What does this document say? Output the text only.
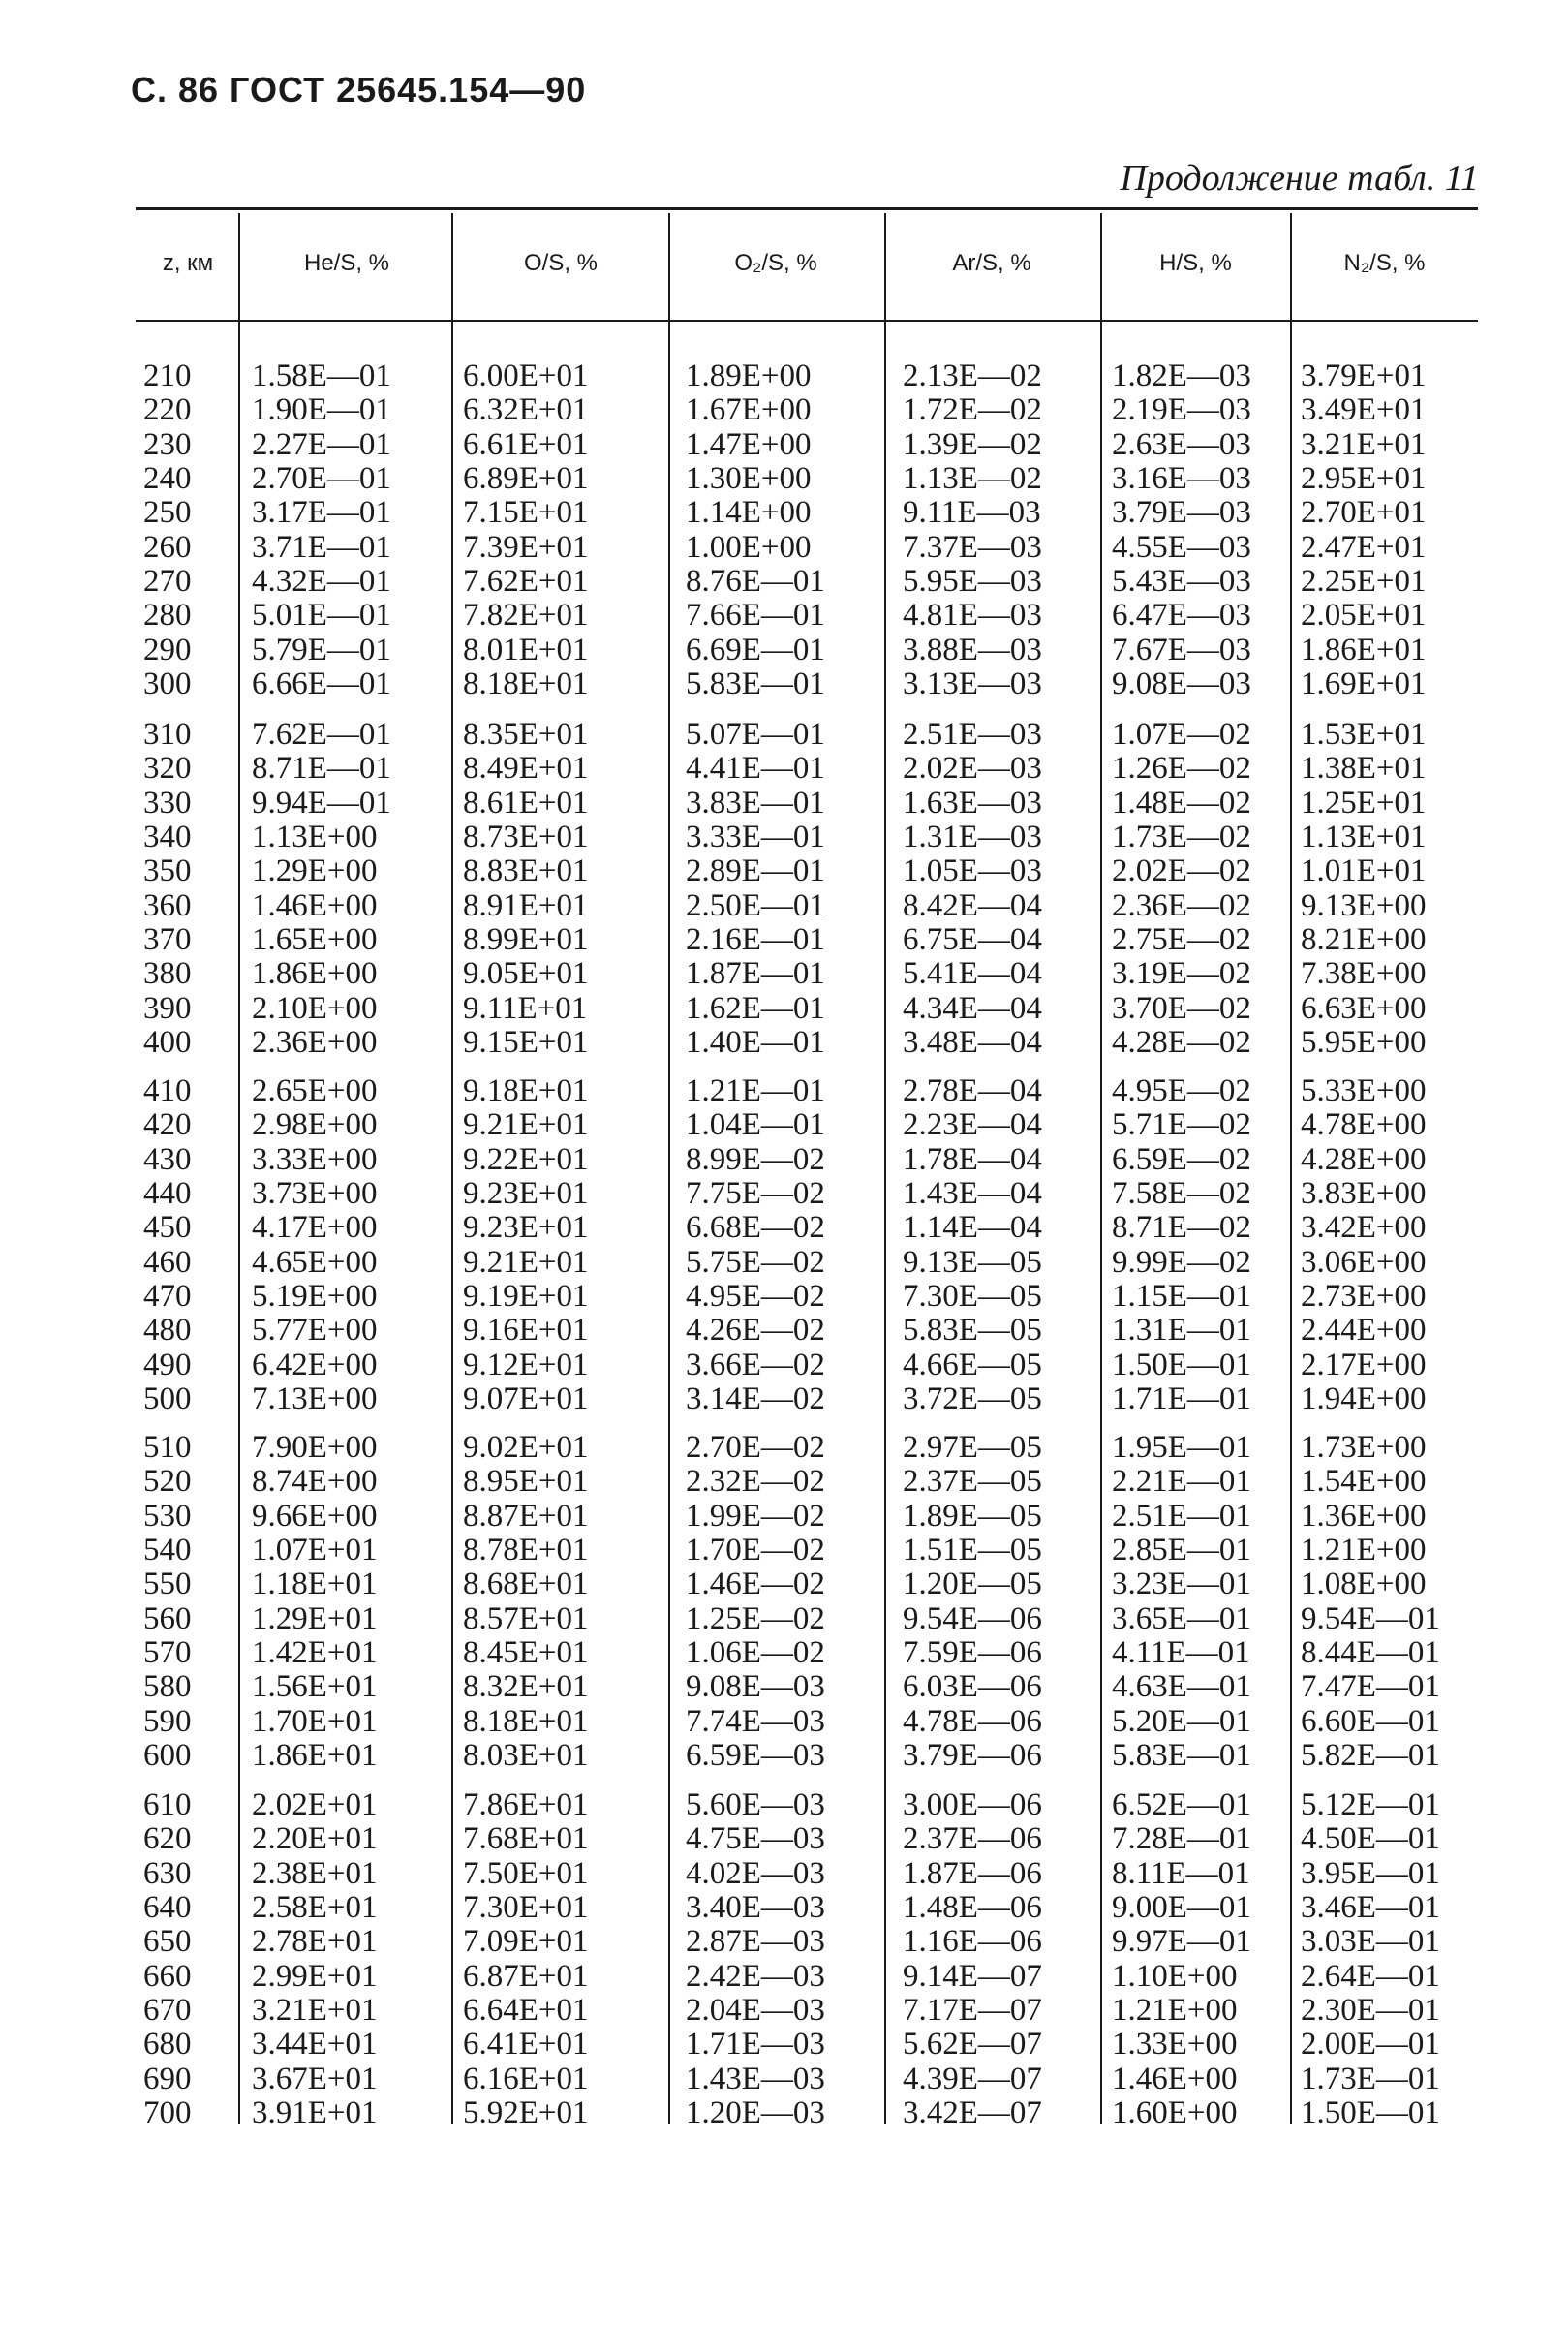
С. 86 ГОСТ 25645.154—90
Продолжение табл. 11
z, км	He/S, %	O/S, %	O₂/S, %	Ar/S, %	H/S, %	N₂/S, %
210 1.58E—01 6.00E+01	1.89E+00	2.13E—02 1.82E—03 3.79E+01
220 1.90E—01 6.32E+01	1.67E+00	1.72E—02 2.19E—03 3.49E+01
230 2.27E—01 6.61E+01	1.47E+00	1.39E—02 2.63E—03 3.21E+01
240 2.70E—01 6.89E+01	1.30E+00	1.13E—02 3.16E—03 2.95E+01
250 3.17E—01 7.15E+01	1.14E+00	9.11E—03 3.79E—03 2.70E+01
260 3.71E—01 7.39E+01	1.00E+00	7.37E—03 4.55E—03 2.47E+01
270 4.32E—01 7.62E+01	8.76E—01 5.95E—03 5.43E—03 2.25E+01
280 5.01E—01 7.82E+01	7.66E—01 4.81E—03 6.47E—03 2.05E+01
290 5.79E—01 8.01E+01	6.69E—01 3.88E—03 7.67E—03 1.86E+01
300 6.66E—01 8.18E+01	5.83E—01 3.13E—03 9.08E—03 1.69E+01
310 7.62E—01 8.35E+01	5.07E—01 2.51E—03 1.07E—02 1.53E+01
320 8.71E—01 8.49E+01	4.41E—01 2.02E—03 1.26E—02 1.38E+01
330 9.94E—01 8.61E+01	3.83E—01 1.63E—03 1.48E—02 1.25E+01
340 1.13E+00	8.73E+01	3.33E—01 1.31E—03 1.73E—02 1.13E+01
350 1.29E+00	8.83E+01	2.89E—01 1.05E—03 2.02E—02 1.01E+01
360 1.46E+00	8.91E+01	2.50E—01 8.42E—04 2.36E—02 9.13E+00
370 1.65E+00	8.99E+01	2.16E—01 6.75E—04 2.75E—02 8.21E+00
380 1.86E+00	9.05E+01	1.87E—01 5.41E—04 3.19E—02 7.38E+00
390 2.10E+00	9.11E+01	1.62E—01 4.34E—04 3.70E—02 6.63E+00
400 2.36E+00	9.15E+01	1.40E—01 3.48E—04 4.28E—02 5.95E+00
410 2.65E+00	9.18E+01	1.21E—01 2.78E—04 4.95E—02 5.33E+00
420 2.98E+00	9.21E+01	1.04E—01 2.23E—04 5.71E—02 4.78E+00
430 3.33E+00	9.22E+01	8.99E—02 1.78E—04 6.59E—02 4.28E+00
440 3.73E+00	9.23E+01	7.75E—02 1.43E—04 7.58E—02 3.83E+00
450 4.17E+00	9.23E+01	6.68E—02 1.14E—04 8.71E—02 3.42E+00
460 4.65E+00	9.21E+01	5.75E—02 9.13E—05 9.99E—02 3.06E+00
470 5.19E+00	9.19E+01	4.95E—02 7.30E—05 1.15E—01 2.73E+00
480 5.77E+00	9.16E+01	4.26E—02 5.83E—05 1.31E—01 2.44E+00
490 6.42E+00	9.12E+01	3.66E—02 4.66E—05 1.50E—01 2.17E+00
500 7.13E+00	9.07E+01	3.14E—02 3.72E—05 1.71E—01 1.94E+00
510 7.90E+00	9.02E+01	2.70E—02 2.97E—05 1.95E—01 1.73E+00
520 8.74E+00	8.95E+01	2.32E—02 2.37E—05 2.21E—01 1.54E+00
530 9.66E+00	8.87E+01	1.99E—02 1.89E—05 2.51E—01 1.36E+00
540 1.07E+01	8.78E+01	1.70E—02 1.51E—05 2.85E—01 1.21E+00
550 1.18E+01	8.68E+01	1.46E—02 1.20E—05 3.23E—01 1.08E+00
560 1.29E+01	8.57E+01	1.25E—02 9.54E—06 3.65E—01 9.54E—01
570 1.42E+01	8.45E+01	1.06E—02 7.59E—06 4.11E—01 8.44E—01
580 1.56E+01	8.32E+01	9.08E—03 6.03E—06 4.63E—01 7.47E—01
590 1.70E+01	8.18E+01	7.74E—03 4.78E—06 5.20E—01 6.60E—01
600 1.86E+01	8.03E+01	6.59E—03 3.79E—06 5.83E—01 5.82E—01
610 2.02E+01	7.86E+01	5.60E—03 3.00E—06 6.52E—01 5.12E—01
620 2.20E+01	7.68E+01	4.75E—03 2.37E—06 7.28E—01 4.50E—01
630 2.38E+01	7.50E+01	4.02E—03 1.87E—06 8.11E—01 3.95E—01
640 2.58E+01	7.30E+01	3.40E—03 1.48E—06 9.00E—01 3.46E—01
650 2.78E+01	7.09E+01	2.87E—03 1.16E—06 9.97E—01 3.03E—01
660 2.99E+01	6.87E+01	2.42E—03 9.14E—07 1.10E+00 2.64E—01
670 3.21E+01	6.64E+01	2.04E—03 7.17E—07 1.21E+00 2.30E—01
680 3.44E+01	6.41E+01	1.71E—03 5.62E—07 1.33E+00 2.00E—01
690 3.67E+01	6.16E+01	1.43E—03 4.39E—07 1.46E+00 1.73E—01
700 3.91E+01	5.92E+01	1.20E—03 3.42E—07 1.60E+00 1.50E—01
